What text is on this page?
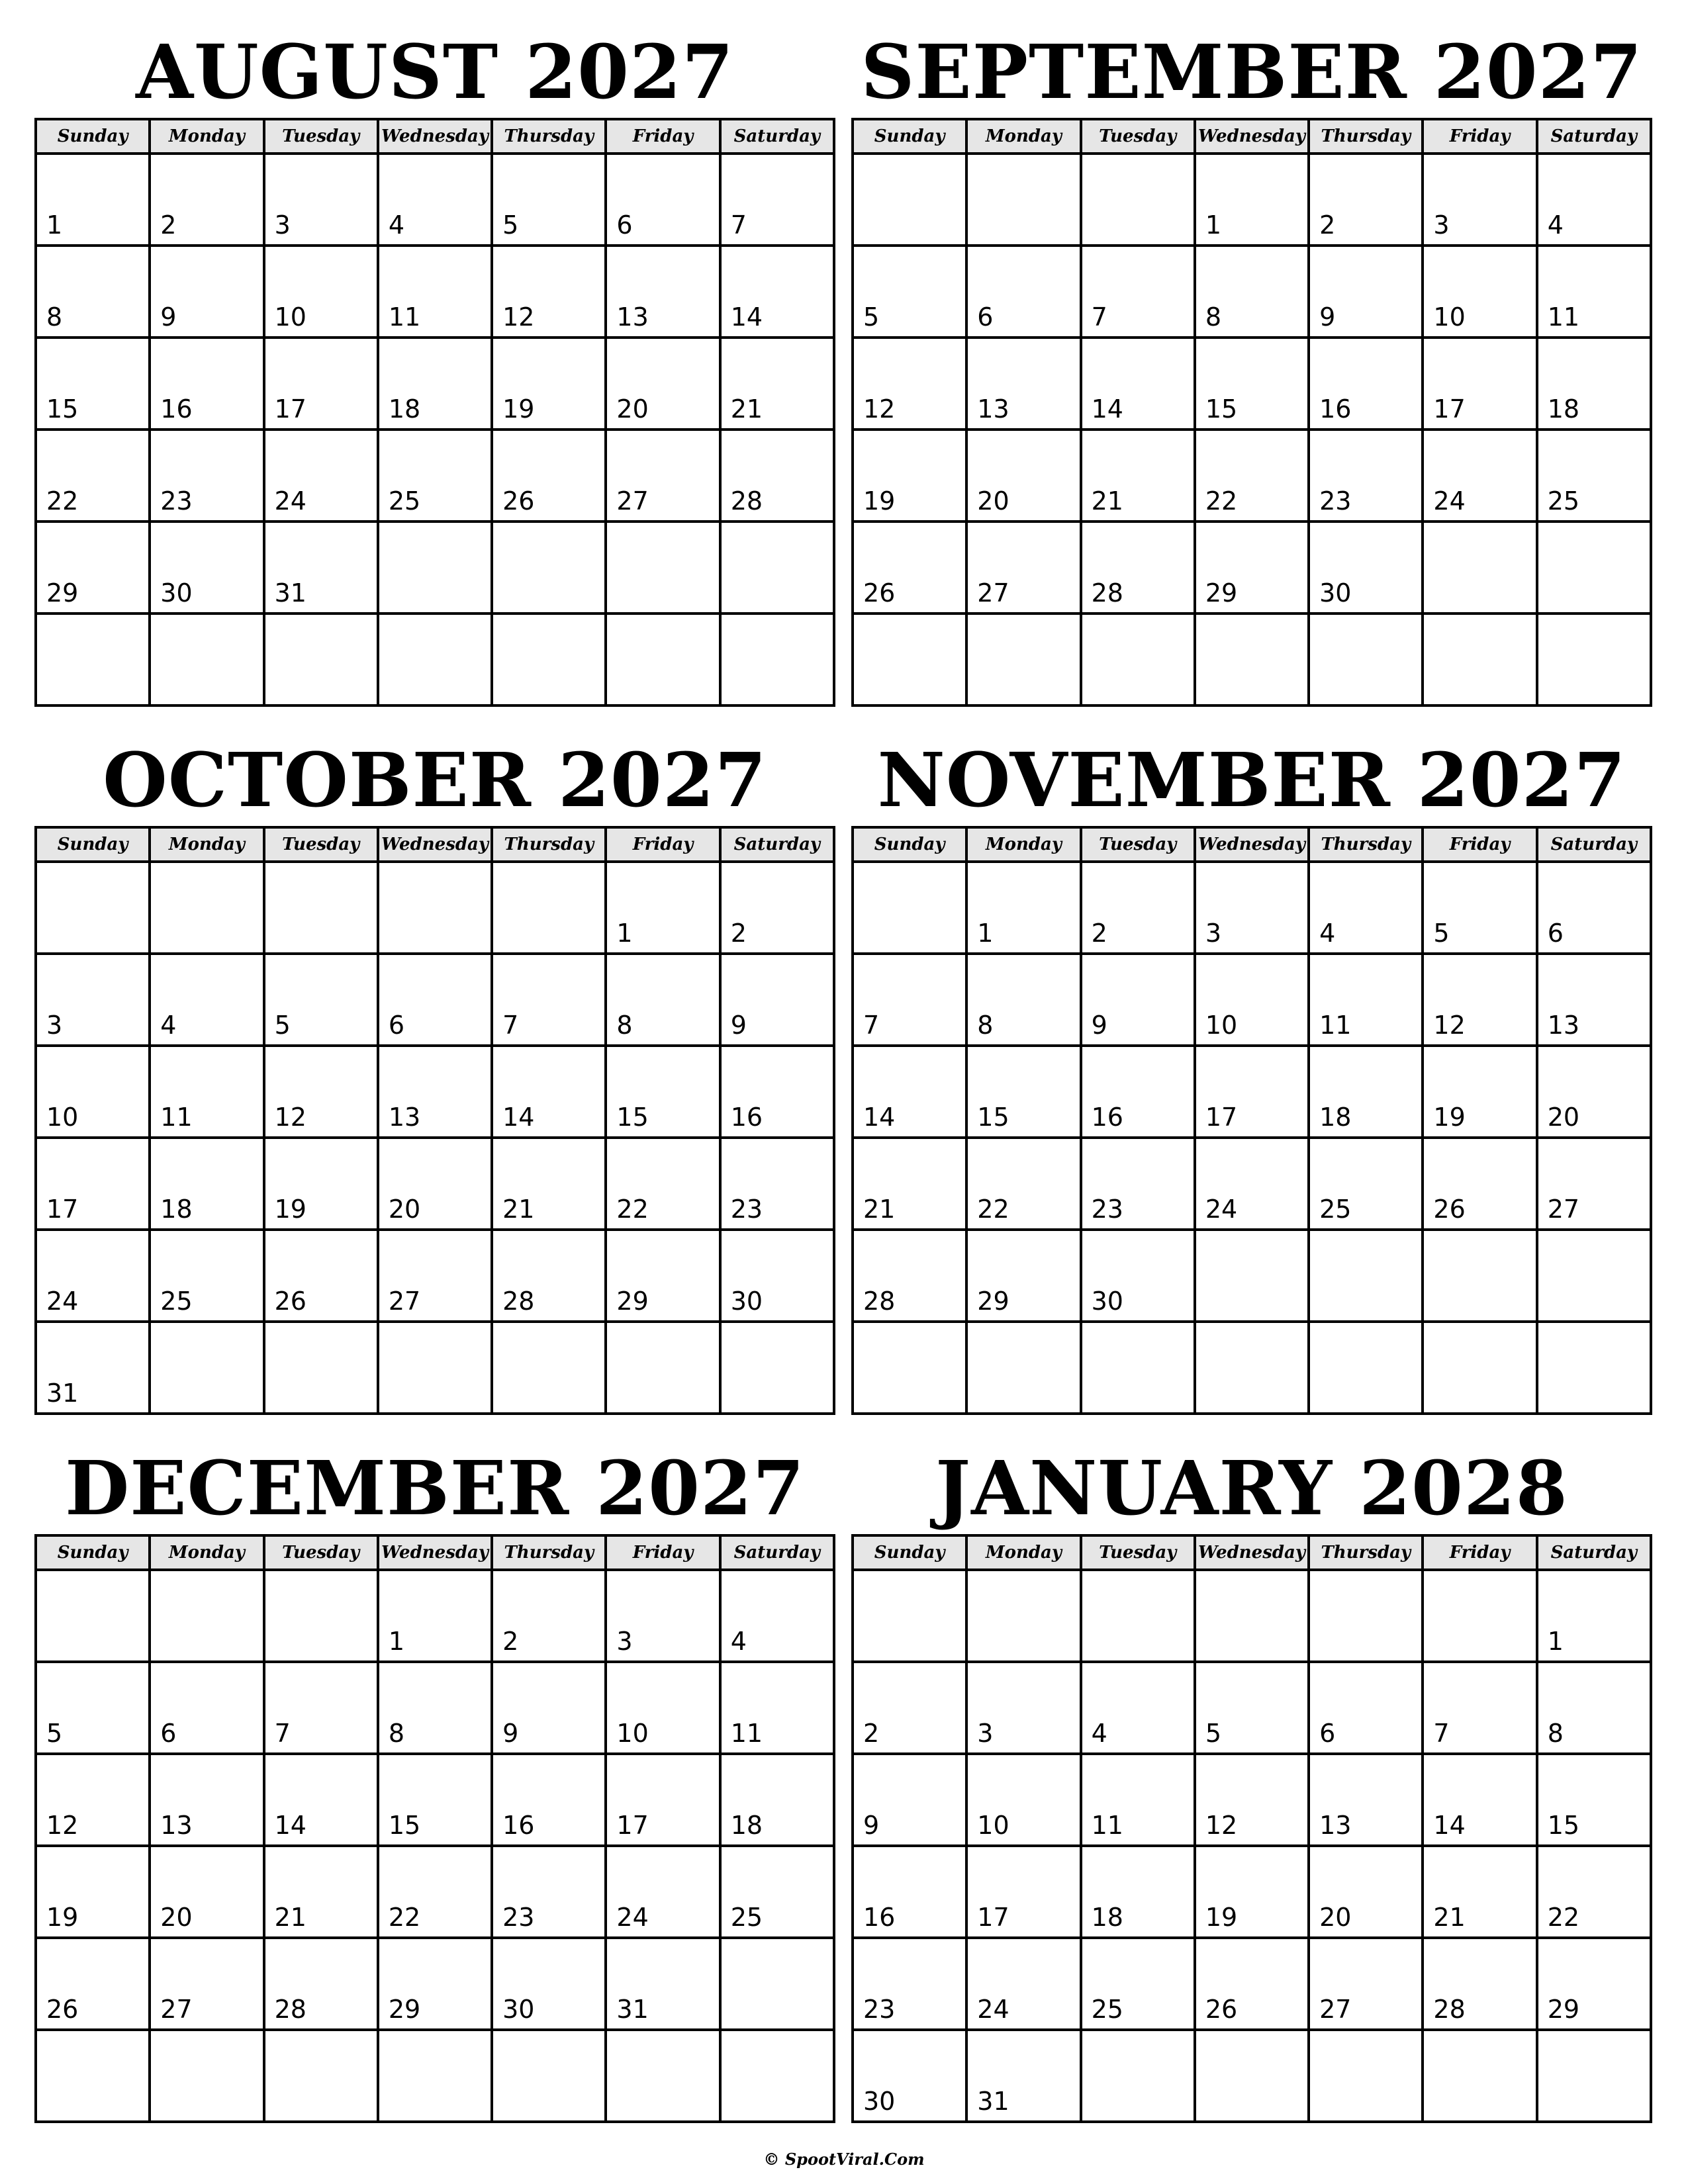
AUGUST 2027
Sunday	Monday	Tuesday	Wednesday	Thursday	Friday	Saturday

1	2	3	4	5	6	7

8	9	10	11	12	13	14

15	16	17	18	19	20	21

22	23	24	25	26	27	28

29	30	31				

SEPTEMBER 2027
Sunday	Monday	Tuesday	Wednesday	Thursday	Friday	Saturday

			1	2	3	4

5	6	7	8	9	10	11

12	13	14	15	16	17	18

19	20	21	22	23	24	25

26	27	28	29	30		

OCTOBER 2027
Sunday	Monday	Tuesday	Wednesday	Thursday	Friday	Saturday

					1	2

3	4	5	6	7	8	9

10	11	12	13	14	15	16

17	18	19	20	21	22	23

24	25	26	27	28	29	30

31						

NOVEMBER 2027
Sunday	Monday	Tuesday	Wednesday	Thursday	Friday	Saturday

	1	2	3	4	5	6

7	8	9	10	11	12	13

14	15	16	17	18	19	20

21	22	23	24	25	26	27

28	29	30				

DECEMBER 2027
Sunday	Monday	Tuesday	Wednesday	Thursday	Friday	Saturday

			1	2	3	4

5	6	7	8	9	10	11

12	13	14	15	16	17	18

19	20	21	22	23	24	25

26	27	28	29	30	31	

JANUARY 2028
Sunday	Monday	Tuesday	Wednesday	Thursday	Friday	Saturday

						1

2	3	4	5	6	7	8

9	10	11	12	13	14	15

16	17	18	19	20	21	22

23	24	25	26	27	28	29

30	31					

© SpootViral.Com
